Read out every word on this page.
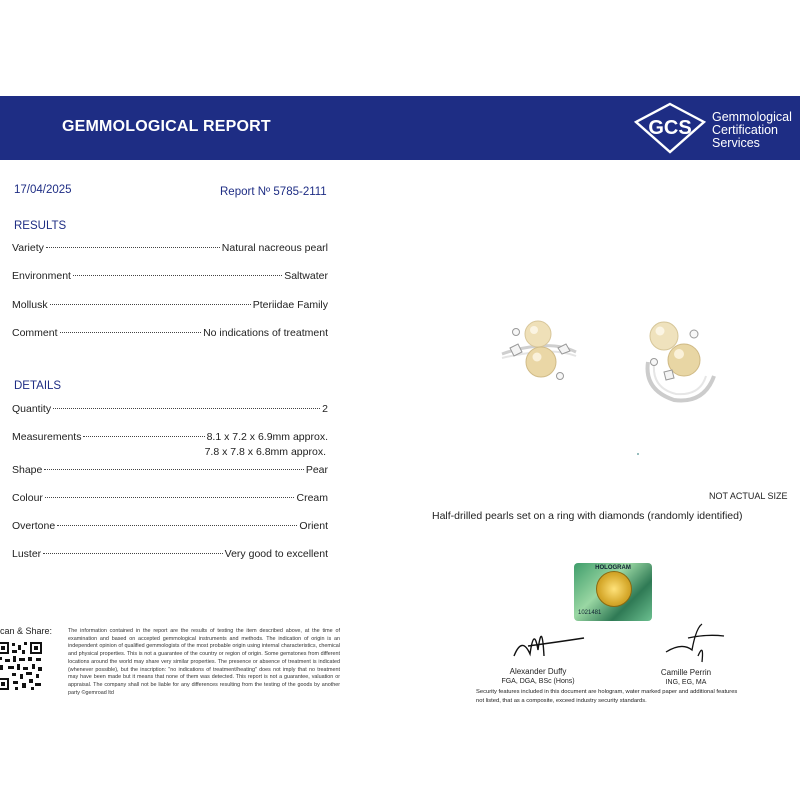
GEMMOLOGICAL REPORT	GCS Gemmological
Certification
Services
17/04/2025	Report Nº 5785-2111
RESULTS
Variety	Natural nacreous pearl
Environment	Saltwater
Mollusk	Pteriidae Family
Comment	No indications of treatment
DETAILS
Quantity	2
Measurements	8.1 x 7.2 x 6.9mm approx.
7.8 x 7.8 x 6.8mm approx.
Shape	Pear
Colour	Cream
Overtone	Orient
Luster	Very good to excellent
can & Share:	The information contained in the report are the results of testing the item described above, at the time of examination and based on accepted gemmological instruments and methods. The indication of origin is an independent opinion of qualified gemmologists of the most probable origin using internal characteristics, chemical and physical properties. This is not a guarantee of the country or region of origin. Some gemstones from different locations around the world may share very similar properties. The presence or absence of treatment is indicated (whenever possible), but the inscription: "no indications of treatment/heating" does not imply that no treatment may have been made but it means that none of them was detected. This report is not a guarantee, valuation or appraisal. The company shall not be liable for any differences resulting from the testing of the goods by another party ©gemroad ltd
NOT ACTUAL SIZE
Half-drilled pearls set on a ring with diamonds (randomly identified)
HOLOGRAM
1021481
Alexander Duffy
FGA, DGA, BSc (Hons)
Camille Perrin
ING, EG, MA
Security features included in this document are hologram, water marked paper and additional features not listed, that as a composite, exceed industry security standards.
